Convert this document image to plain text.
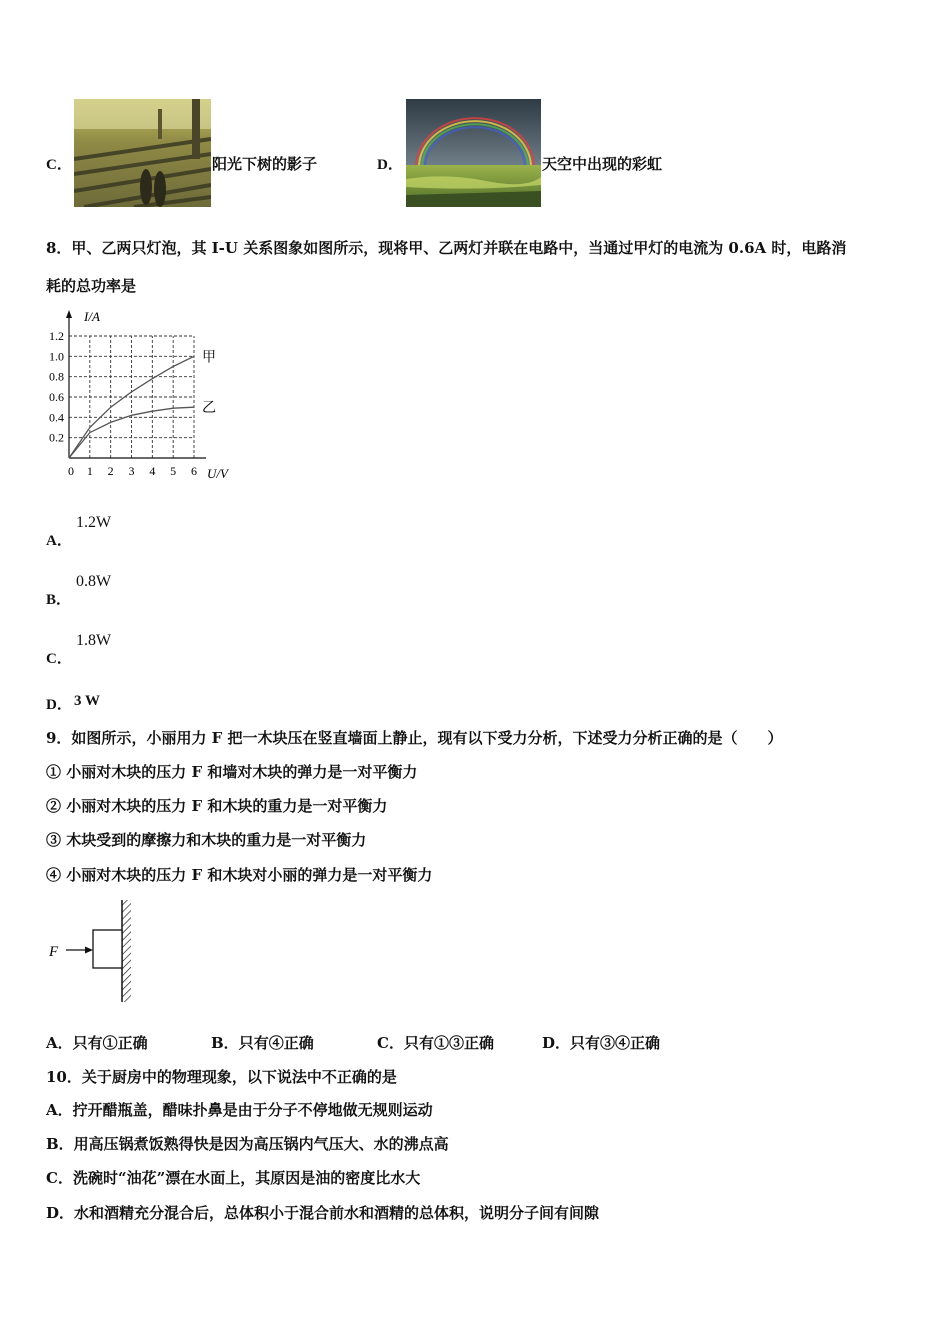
C．	阳光下树的影子	D．	天空中出现的彩虹
8．甲、乙两只灯泡，其 I-U 关系图象如图所示，现将甲、乙两灯并联在电路中，当通过甲灯的电流为 0.6A 时，电路消
耗的总功率是
0 1 2 3 4 5 6
0.2
0.4
0.6
0.8
1.0
1.2
甲
乙
I/A
U/V
A．
1.2W
B．
0.8W
C．
1.8W
D． 3 W
9．如图所示，小丽用力 F 把一木块压在竖直墙面上静止，现有以下受力分析，下述受力分析正确的是（　　）
① 小丽对木块的压力 F 和墙对木块的弹力是一对平衡力
② 小丽对木块的压力 F 和木块的重力是一对平衡力
③ 木块受到的摩擦力和木块的重力是一对平衡力
④ 小丽对木块的压力 F 和木块对小丽的弹力是一对平衡力
F
A．只有①正确	B．只有④正确	C．只有①③正确	D．只有③④正确
10．关于厨房中的物理现象，以下说法中不正确的是
A．拧开醋瓶盖，醋味扑鼻是由于分子不停地做无规则运动
B．用高压锅煮饭熟得快是因为高压锅内气压大、水的沸点高
C．洗碗时“油花”漂在水面上，其原因是油的密度比水大
D．水和酒精充分混合后，总体积小于混合前水和酒精的总体积，说明分子间有间隙
